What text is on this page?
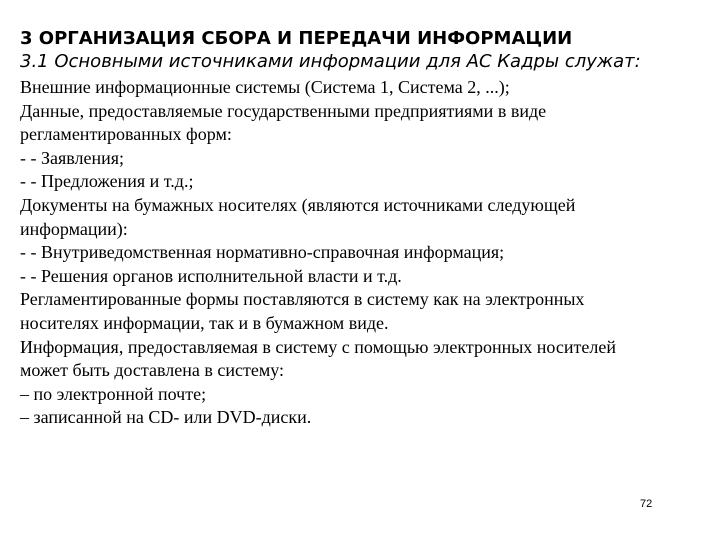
3 ОРГАНИЗАЦИЯ СБОРА И ПЕРЕДАЧИ ИНФОРМАЦИИ
3.1 Основными источниками информации для АС Кадры служат:
Внешние информационные системы (Система 1, Система 2, ...);
Данные, предоставляемые государственными предприятиями в виде
регламентированных форм:
- - Заявления;
- - Предложения и т.д.;
Документы на бумажных носителях (являются источниками следующей
информации):
- - Внутриведомственная нормативно-справочная информация;
- - Решения органов исполнительной власти и т.д.
Регламентированные формы поставляются в систему как на электронных
носителях информации, так и в бумажном виде.
Информация, предоставляемая в систему с помощью электронных носителей
может быть доставлена в систему:
– по электронной почте;
– записанной на CD- или DVD-диски.
72
